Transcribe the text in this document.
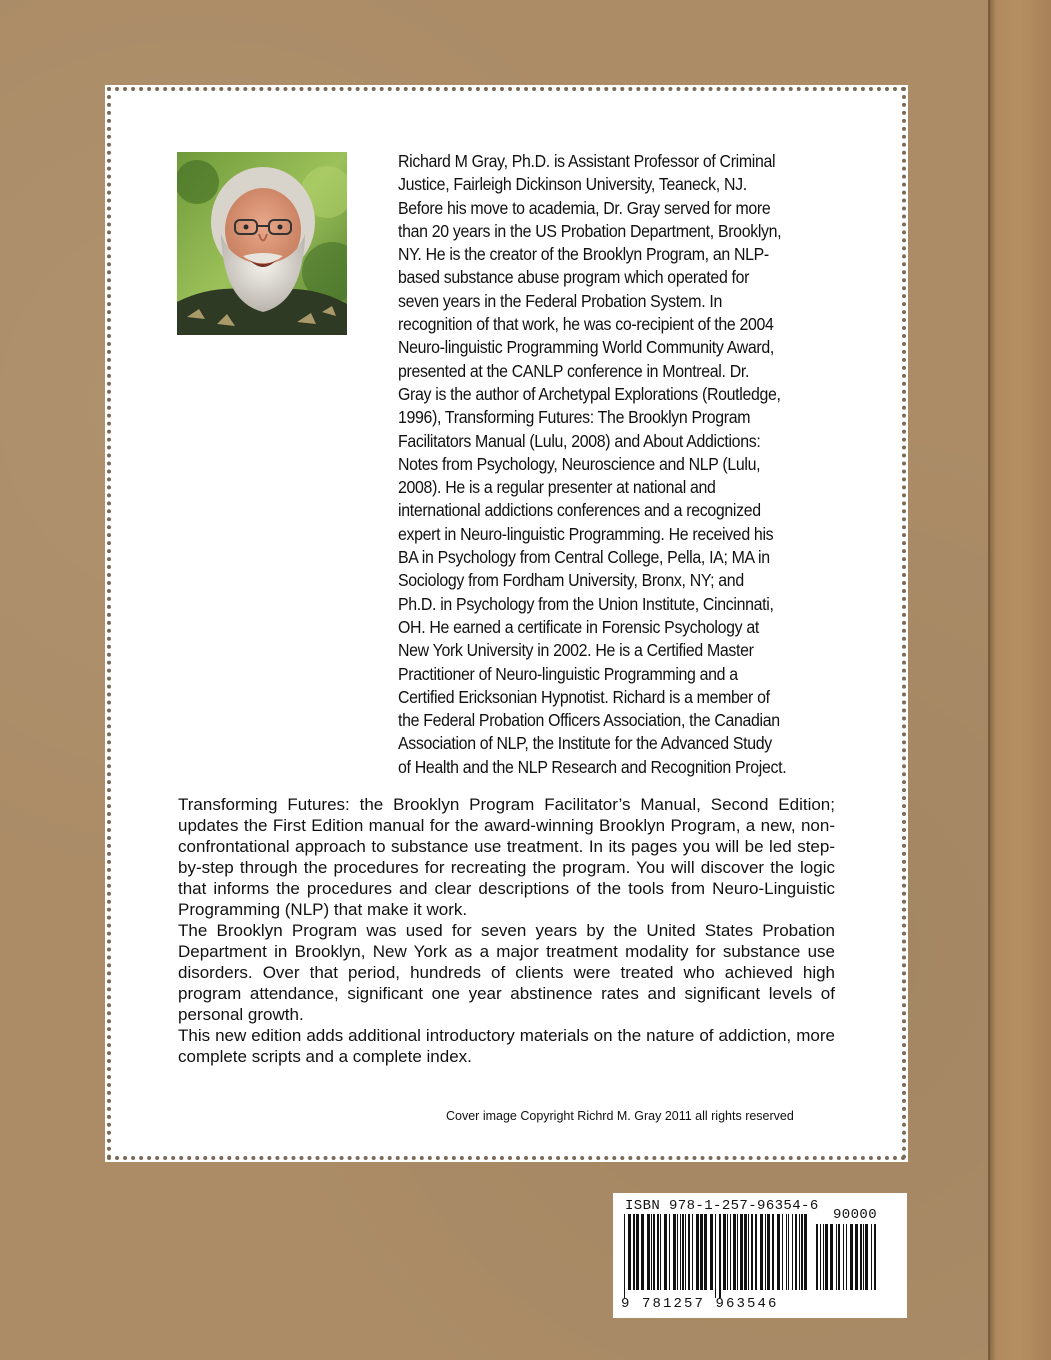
Richard M Gray, Ph.D. is Assistant Professor of Criminal
Justice, Fairleigh Dickinson University, Teaneck, NJ.
Before his move to academia, Dr. Gray served for more
than 20 years in the US Probation Department, Brooklyn,
NY. He is the creator of the Brooklyn Program, an NLP-
based substance abuse program which operated for
seven years in the Federal Probation System. In
recognition of that work, he was co-recipient of the 2004
Neuro-linguistic Programming World Community Award,
presented at the CANLP conference in Montreal. Dr.
Gray is the author of Archetypal Explorations (Routledge,
1996), Transforming Futures: The Brooklyn Program
Facilitators Manual (Lulu, 2008) and About Addictions:
Notes from Psychology, Neuroscience and NLP (Lulu,
2008). He is a regular presenter at national and
international addictions conferences and a recognized
expert in Neuro-linguistic Programming. He received his
BA in Psychology from Central College, Pella, IA; MA in
Sociology from Fordham University, Bronx, NY; and
Ph.D. in Psychology from the Union Institute, Cincinnati,
OH. He earned a certificate in Forensic Psychology at
New York University in 2002. He is a Certified Master
Practitioner of Neuro-linguistic Programming and a
Certified Ericksonian Hypnotist. Richard is a member of
the Federal Probation Officers Association, the Canadian
Association of NLP, the Institute for the Advanced Study
of Health and the NLP Research and Recognition Project.

Transforming Futures: the Brooklyn Program Facilitator’s Manual, Second Edition; updates the First Edition manual for the award-winning Brooklyn Program, a new, non-confrontational approach to substance use treatment. In its pages you will be led step-by-step through the procedures for recreating the program. You will discover the logic that informs the procedures and clear descriptions of the tools from Neuro-Linguistic Programming (NLP) that make it work.

The Brooklyn Program was used for seven years by the United States Probation Department in Brooklyn, New York as a major treatment modality for substance use disorders. Over that period, hundreds of clients were treated who achieved high program attendance, significant one year abstinence rates and significant levels of personal growth.

This new edition adds additional introductory materials on the nature of addiction, more complete scripts and a complete index.

Cover image Copyright Richrd M. Gray 2011 all rights reserved
ISBN 978-1-257-96354-6
90000
9 781257 963546
